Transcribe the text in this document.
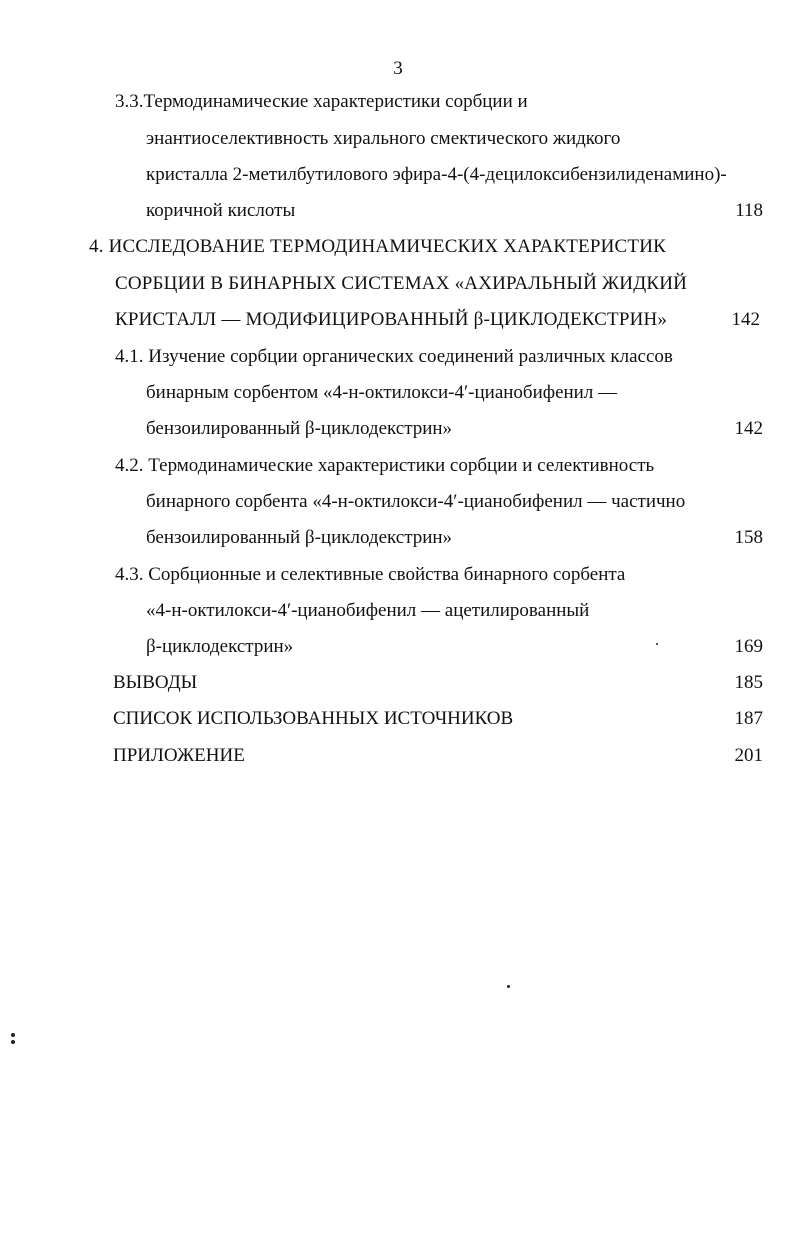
3
3.3.Термодинамические характеристики сорбции и
энантиоселективность хирального смектического жидкого
кристалла 2-метилбутилового эфира-4-(4-децилоксибензилиденамино)-
коричной кислоты	118
4. ИССЛЕДОВАНИЕ ТЕРМОДИНАМИЧЕСКИХ ХАРАКТЕРИСТИК
СОРБЦИИ В БИНАРНЫХ СИСТЕМАХ «АХИРАЛЬНЫЙ ЖИДКИЙ
КРИСТАЛЛ — МОДИФИЦИРОВАННЫЙ β-ЦИКЛОДЕКСТРИН»	142
4.1. Изучение сорбции органических соединений различных классов
бинарным сорбентом «4-н-октилокси-4′-цианобифенил —
бензоилированный β-циклодекстрин»	142
4.2. Термодинамические характеристики сорбции и селективность
бинарного сорбента «4-н-октилокси-4′-цианобифенил — частично
бензоилированный β-циклодекстрин»	158
4.3. Сорбционные и селективные свойства бинарного сорбента
«4-н-октилокси-4′-цианобифенил — ацетилированный
β-циклодекстрин»	169
ВЫВОДЫ	185
СПИСОК ИСПОЛЬЗОВАННЫХ ИСТОЧНИКОВ	187
ПРИЛОЖЕНИЕ	201
